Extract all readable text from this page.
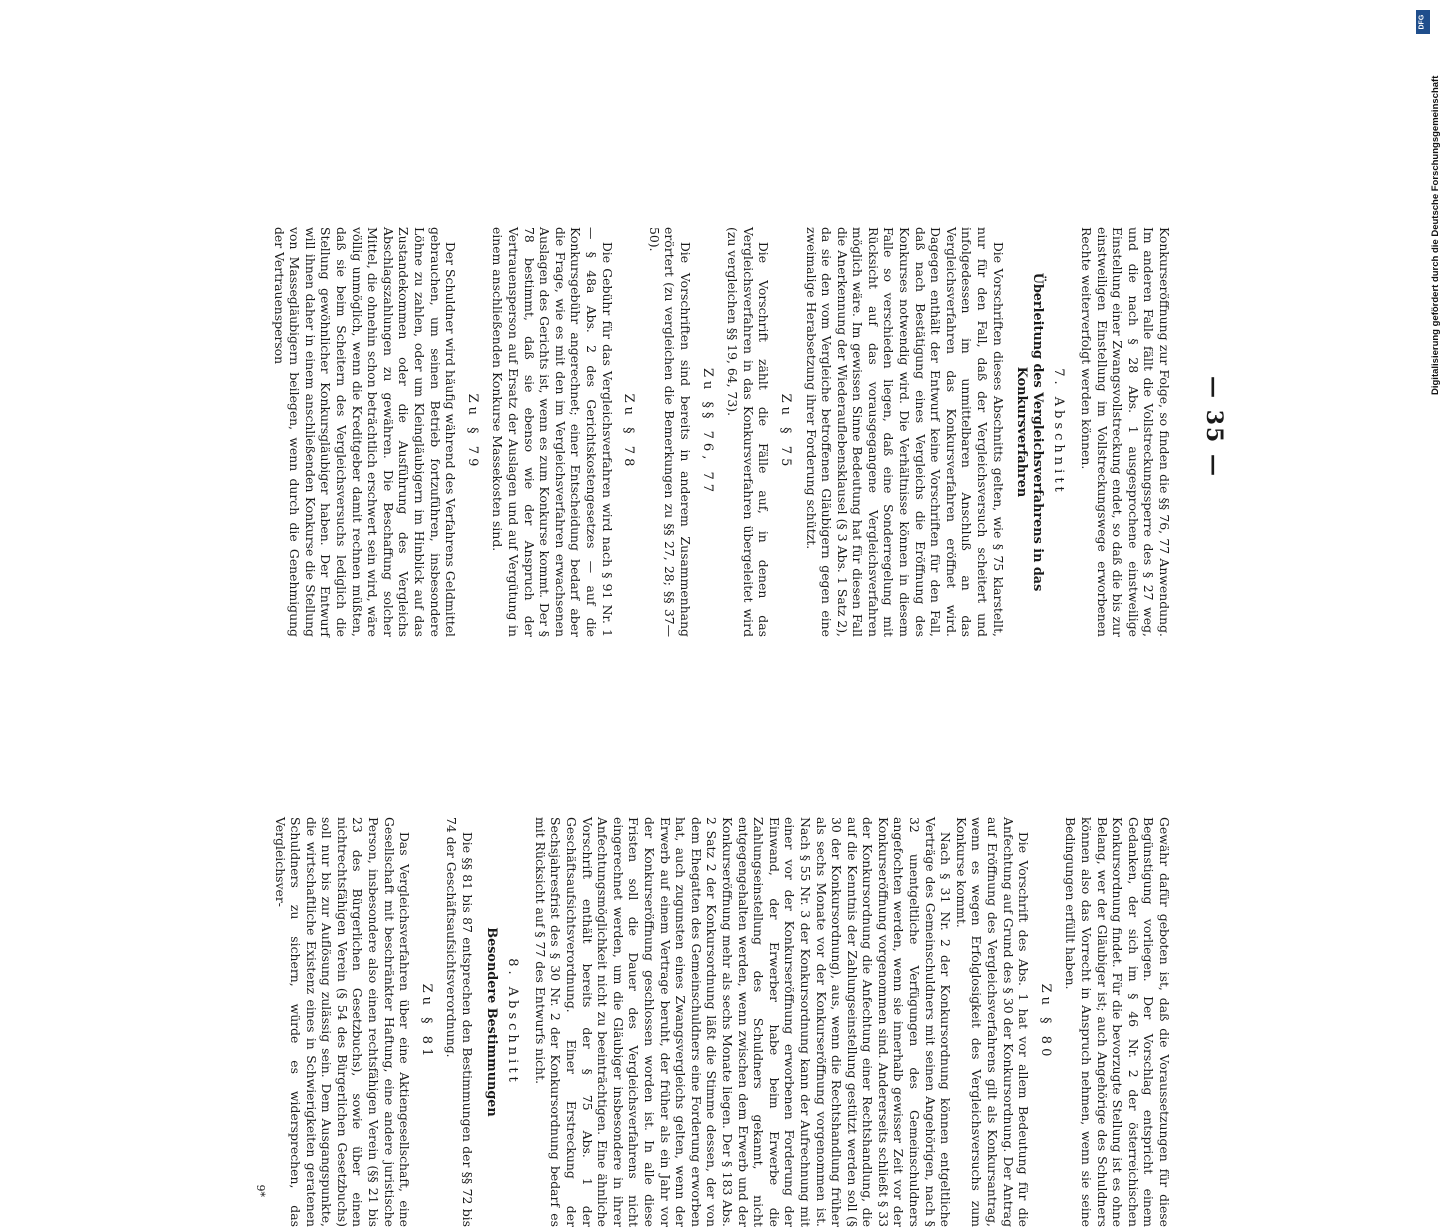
— 35 —

Konkurseröffnung zur Folge, so finden die §§ 76, 77 Anwendung. Im anderen Falle fällt die Vollstreckungssperre des § 27 weg, und die nach § 28 Abs. 1 ausgesprochene einstweilige Einstellung einer Zwangsvollstreckung endet, so daß die bis zur einstweiligen Einstellung im Vollstreckungswege erworbenen Rechte weiterverfolgt werden können.

7. Abschnitt
Überleitung des Vergleichsverfahrens in das Konkursverfahren

Die Vorschriften dieses Abschnitts gelten, wie § 75 klarstellt, nur für den Fall, daß der Vergleichsversuch scheitert und infolgedessen im unmittelbaren Anschluß an das Vergleichsverfahren das Konkursverfahren eröffnet wird. Dagegen enthält der Entwurf keine Vorschriften für den Fall, daß nach Bestätigung eines Vergleichs die Eröffnung des Konkurses notwendig wird. Die Verhältnisse können in diesem Falle so verschieden liegen, daß eine Sonderregelung mit Rücksicht auf das vorausgegangene Vergleichsverfahren möglich wäre. Im gewissen Sinne Bedeutung hat für diesen Fall die Anerkennung der Wiederauflebensklausel (§ 3 Abs. 1 Satz 2), da sie den vom Vergleiche betroffenen Gläubigern gegen eine zweimalige Herabsetzung ihrer Forderung schützt.

Zu § 75

Die Vorschrift zählt die Fälle auf, in denen das Vergleichsverfahren in das Konkursverfahren übergeleitet wird (zu vergleichen §§ 19, 64, 73).

Zu §§ 76, 77

Die Vorschriften sind bereits in anderem Zusammenhang erörtert (zu vergleichen die Bemerkungen zu §§ 27, 28; §§ 37—50).

Zu § 78

Die Gebühr für das Vergleichsverfahren wird nach § 91 Nr. 1 — § 48a Abs. 2 des Gerichtskostengesetzes — auf die Konkursgebühr angerechnet; einer Entscheidung bedarf aber die Frage, wie es mit den im Vergleichsverfahren erwachsenen Auslagen des Gerichts ist, wenn es zum Konkurse kommt. Der § 78 bestimmt, daß sie ebenso wie der Anspruch der Vertrauensperson auf Ersatz der Auslagen und auf Vergütung in einem anschließenden Konkurse Massekosten sind.

Zu § 79

Der Schuldner wird häufig während des Verfahrens Geldmittel gebrauchen, um seinen Betrieb fortzuführen, insbesondere Löhne zu zahlen, oder um Kleingläubigern im Hinblick auf das Zustandekommen oder die Ausführung des Vergleichs Abschlagszahlungen zu gewähren. Die Beschaffung solcher Mittel, die ohnehin schon beträchtlich erschwert sein wird, wäre völlig unmöglich, wenn die Kreditgeber damit rechnen müßten, daß sie beim Scheitern des Vergleichsversuchs lediglich die Stellung gewöhnlicher Konkursgläubiger haben. Der Entwurf will ihnen daher in einem anschließenden Konkurse die Stellung von Massegläubigern beilegen, wenn durch die Genehmigung der Vertrauensperson

Gewähr dafür geboten ist, daß die Voraussetzungen für diese Begünstigung vorliegen. Der Vorschlag entspricht einem Gedanken, der sich im § 46 Nr. 2 der österreichischen Konkursordnung findet. Für die bevorzugte Stellung ist es ohne Belang, wer der Gläubiger ist; auch Angehörige des Schuldners können also das Vorrecht in Anspruch nehmen, wenn sie seine Bedingungen erfüllt haben.

Zu § 80

Die Vorschrift des Abs. 1 hat vor allem Bedeutung für die Anfechtung auf Grund des § 30 der Konkursordnung. Der Antrag auf Eröffnung des Vergleichsverfahrens gilt als Konkursantrag, wenn es wegen Erfolglosigkeit des Vergleichsversuchs zum Konkurse kommt.

Nach § 31 Nr. 2 der Konkursordnung können entgeltliche Verträge des Gemeinschuldners mit seinen Angehörigen, nach § 32 unentgeltliche Verfügungen des Gemeinschuldners angefochten werden, wenn sie innerhalb gewisser Zeit vor der Konkurseröffnung vorgenommen sind. Andererseits schließt § 33 der Konkursordnung die Anfechtung einer Rechtshandlung, die auf die Kenntnis der Zahlungseinstellung gestützt werden soll (§ 30 der Konkursordnung), aus, wenn die Rechtshandlung früher als sechs Monate vor der Konkurseröffnung vorgenommen ist. Nach § 55 Nr. 3 der Konkursordnung kann der Aufrechnung mit einer vor der Konkurseröffnung erworbenen Forderung der Einwand, der Erwerber habe beim Erwerbe die Zahlungseinstellung des Schuldners gekannt, nicht entgegengehalten werden, wenn zwischen dem Erwerb und der Konkurseröffnung mehr als sechs Monate liegen. Der § 183 Abs. 2 Satz 2 der Konkursordnung läßt die Stimme dessen, der von dem Ehegatten des Gemeinschuldners eine Forderung erworben hat, auch zugunsten eines Zwangsvergleichs gelten, wenn der Erwerb auf einem Vertrage beruht, der früher als ein Jahr vor der Konkurseröffnung geschlossen worden ist. In alle diese Fristen soll die Dauer des Vergleichsverfahrens nicht eingerechnet werden, um die Gläubiger insbesondere in ihrer Anfechtungsmöglichkeit nicht zu beeinträchtigen. Eine ähnliche Vorschrift enthält bereits der § 75 Abs. 1 der Geschäftsaufsichtsverordnung. Einer Erstreckung der Sechsjahresfrist des § 30 Nr. 2 der Konkursordnung bedarf es mit Rücksicht auf § 77 des Entwurfs nicht.

8. Abschnitt
Besondere Bestimmungen

Die §§ 81 bis 87 entsprechen den Bestimmungen der §§ 72 bis 74 der Geschäftsaufsichtsverordnung.

Zu § 81

Das Vergleichsverfahren über eine Aktiengesellschaft, eine Gesellschaft mit beschränkter Haftung, eine andere juristische Person, insbesondere also einen rechtsfähigen Verein (§§ 21 bis 23 des Bürgerlichen Gesetzbuchs), sowie über einen nichtrechtsfähigen Verein (§ 54 des Bürgerlichen Gesetzbuchs) soll nur bis zur Auflösung zulässig sein. Dem Ausgangspunkte, die wirtschaftliche Existenz eines in Schwierigkeiten geratenen Schuldners zu sichern, würde es widersprechen, das Vergleichsver-

9*
Digitalisierung gefördert durch die Deutsche Forschungsgemeinschaft
DFG
